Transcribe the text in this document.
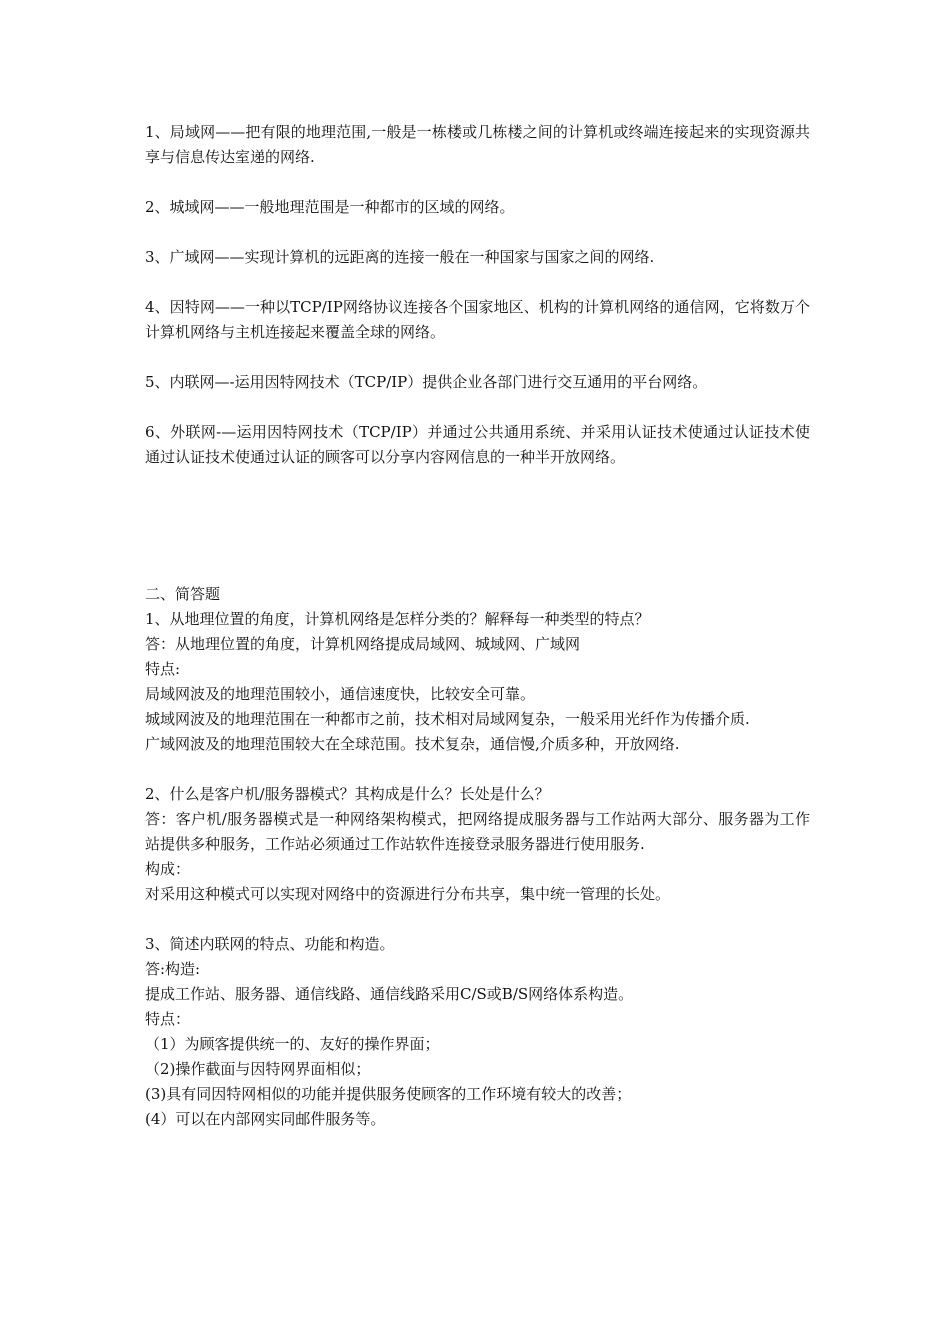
1、局域网——把有限的地理范围,一般是一栋楼或几栋楼之间的计算机或终端连接起来的实现资源共享与信息传达室递的网络.

2、城域网——一般地理范围是一种都市的区域的网络。

3、广域网——实现计算机的远距离的连接一般在一种国家与国家之间的网络.

4、因特网——一种以TCP/IP网络协议连接各个国家地区、机构的计算机网络的通信网，它将数万个计算机网络与主机连接起来覆盖全球的网络。

5、内联网—-运用因特网技术（TCP/IP）提供企业各部门进行交互通用的平台网络。

6、外联网-—运用因特网技术（TCP/IP）并通过公共通用系统、并采用认证技术使通过认证技术使通过认证技术使通过认证的顾客可以分享内容网信息的一种半开放网络。

二、简答题

1、从地理位置的角度，计算机网络是怎样分类的？解释每一种类型的特点？

答：从地理位置的角度，计算机网络提成局域网、城域网、广域网

特点:

局域网波及的地理范围较小，通信速度快，比较安全可靠。

城域网波及的地理范围在一种都市之前，技术相对局域网复杂，一般采用光纤作为传播介质.

广域网波及的地理范围较大在全球范围。技术复杂，通信慢,介质多种，开放网络.

2、什么是客户机/服务器模式？其构成是什么？长处是什么？

答：客户机/服务器模式是一种网络架构模式，把网络提成服务器与工作站两大部分、服务器为工作站提供多种服务，工作站必须通过工作站软件连接登录服务器进行使用服务.

构成：

对采用这种模式可以实现对网络中的资源进行分布共享，集中统一管理的长处。

3、简述内联网的特点、功能和构造。

答:构造:

提成工作站、服务器、通信线路、通信线路采用C/S或B/S网络体系构造。

特点：

（1）为顾客提供统一的、友好的操作界面；

（2)操作截面与因特网界面相似；

(3)具有同因特网相似的功能并提供服务使顾客的工作环境有较大的改善；

(4）可以在内部网实同邮件服务等。
